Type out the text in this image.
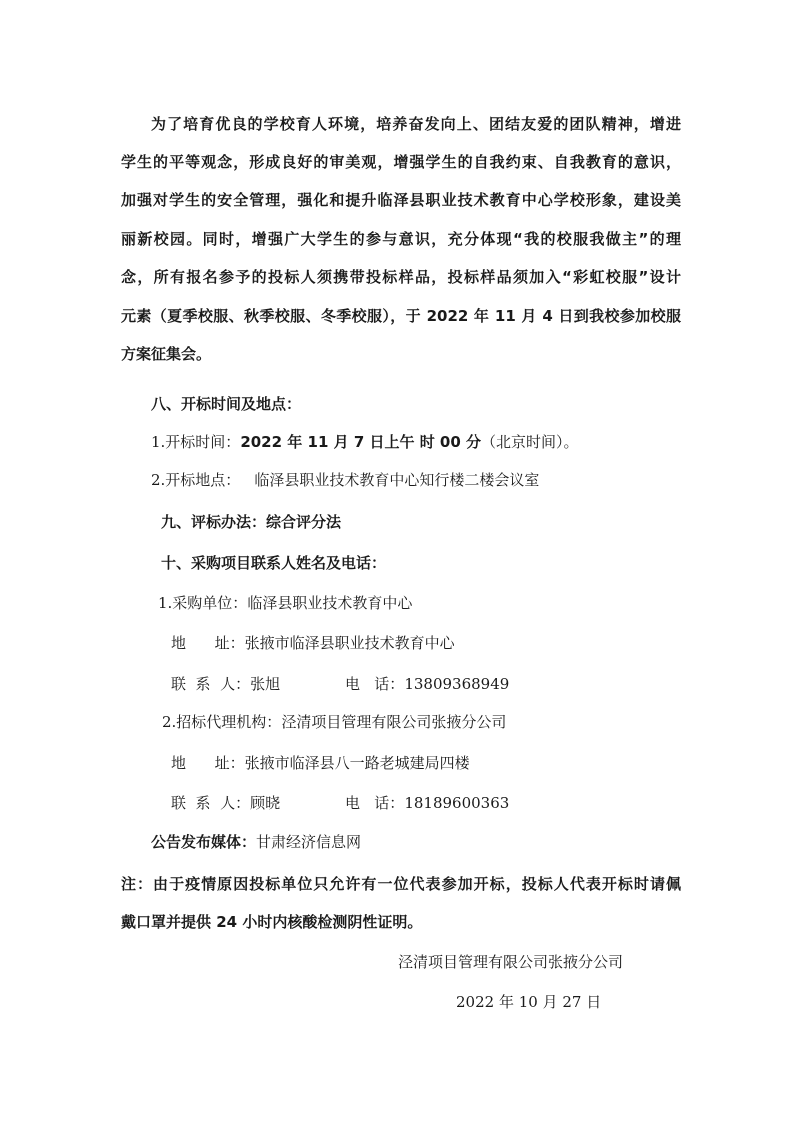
为了培育优良的学校育人环境，培养奋发向上、团结友爱的团队精神，增进
学生的平等观念，形成良好的审美观，增强学生的自我约束、自我教育的意识，
加强对学生的安全管理，强化和提升临泽县职业技术教育中心学校形象，建设美
丽新校园。同时，增强广大学生的参与意识，充分体现“我的校服我做主”的理
念，所有报名参予的投标人须携带投标样品，投标样品须加入“彩虹校服”设计
元素（夏季校服、秋季校服、冬季校服），于 2022 年 11 月 4 日到我校参加校服
方案征集会。
八、开标时间及地点：
1.开标时间：2022 年 11 月 7 日上午 时 00 分（北京时间）。
2.开标地点： 临泽县职业技术教育中心知行楼二楼会议室
九、评标办法：综合评分法
十、采购项目联系人姓名及电话：
1.采购单位：临泽县职业技术教育中心
地      址：张掖市临泽县职业技术教育中心
联  系  人：张旭	电   话：13809368949
2.招标代理机构：泾清项目管理有限公司张掖分公司
地      址：张掖市临泽县八一路老城建局四楼
联  系  人：顾晓	电   话：18189600363
公告发布媒体：甘肃经济信息网
注：由于疫情原因投标单位只允许有一位代表参加开标，投标人代表开标时请佩
戴口罩并提供 24 小时内核酸检测阴性证明。
泾清项目管理有限公司张掖分公司
2022 年 10 月 27 日
